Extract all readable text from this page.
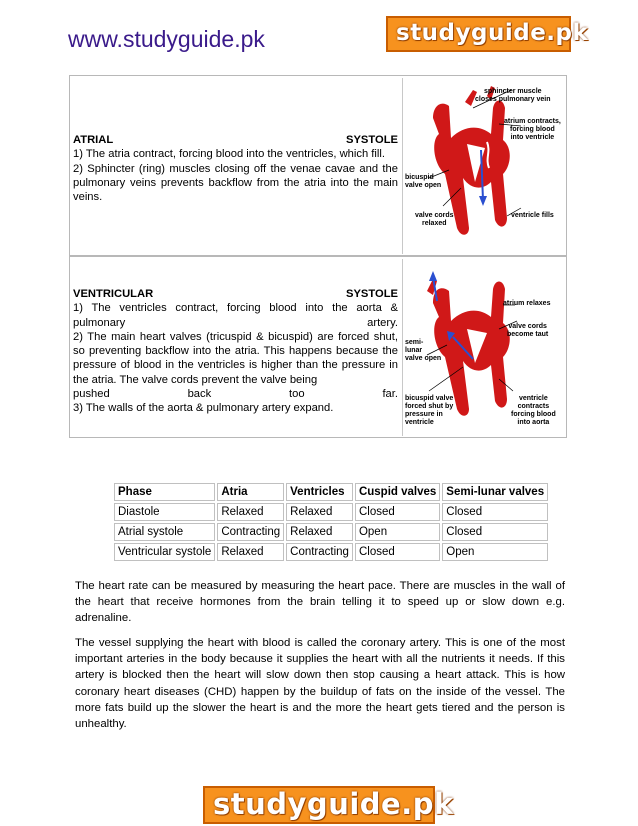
www.studyguide.pk	studyguide.pk
ATRIAL	SYSTOLE

1) The atria contract, forcing blood into the ventricles, which fill.

2) Sphincter (ring) muscles closing off the venae cavae and the pulmonary veins prevents backflow from the atria into the main veins.

sphincter muscle
closes pulmonary vein
atrium contracts,
forcing blood
into ventricle
bicuspid
valve open
valve cords
relaxed
ventricle fills
VENTRICULAR	SYSTOLE

1) The ventricles contract, forcing blood into the aorta &

pulmonary	artery.

2) The main heart valves (tricuspid & bicuspid) are forced shut, so preventing backflow into the atria. This happens because the pressure of blood in the ventricles is higher than the pressure in the atria. The valve cords prevent the valve being

pushed	back	too	far.

3) The walls of the aorta & pulmonary artery expand.

atrium relaxes
valve cords
become taut
semi-
lunar
valve open
bicuspid valve
forced shut by
pressure in
ventricle
ventricle
contracts
forcing blood
into aorta
Phase	Atria	Ventricles	Cuspid valves	Semi-lunar valves
Diastole	Relaxed	Relaxed	Closed	Closed
Atrial systole	Contracting	Relaxed	Open	Closed
Ventricular systole	Relaxed	Contracting	Closed	Open

The heart rate can be measured by measuring the heart pace. There are muscles in the wall of the heart that receive hormones from the brain telling it to speed up or slow down e.g. adrenaline.

The vessel supplying the heart with blood is called the coronary artery. This is one of the most important arteries in the body because it supplies the heart with all the nutrients it needs. If this artery is blocked then the heart will slow down then stop causing a heart attack. This is how coronary heart diseases (CHD) happen by the buildup of fats on the inside of the vessel. The more fats build up the slower the heart is and the more the heart gets tiered and the person is unhealthy.

studyguide.pk
